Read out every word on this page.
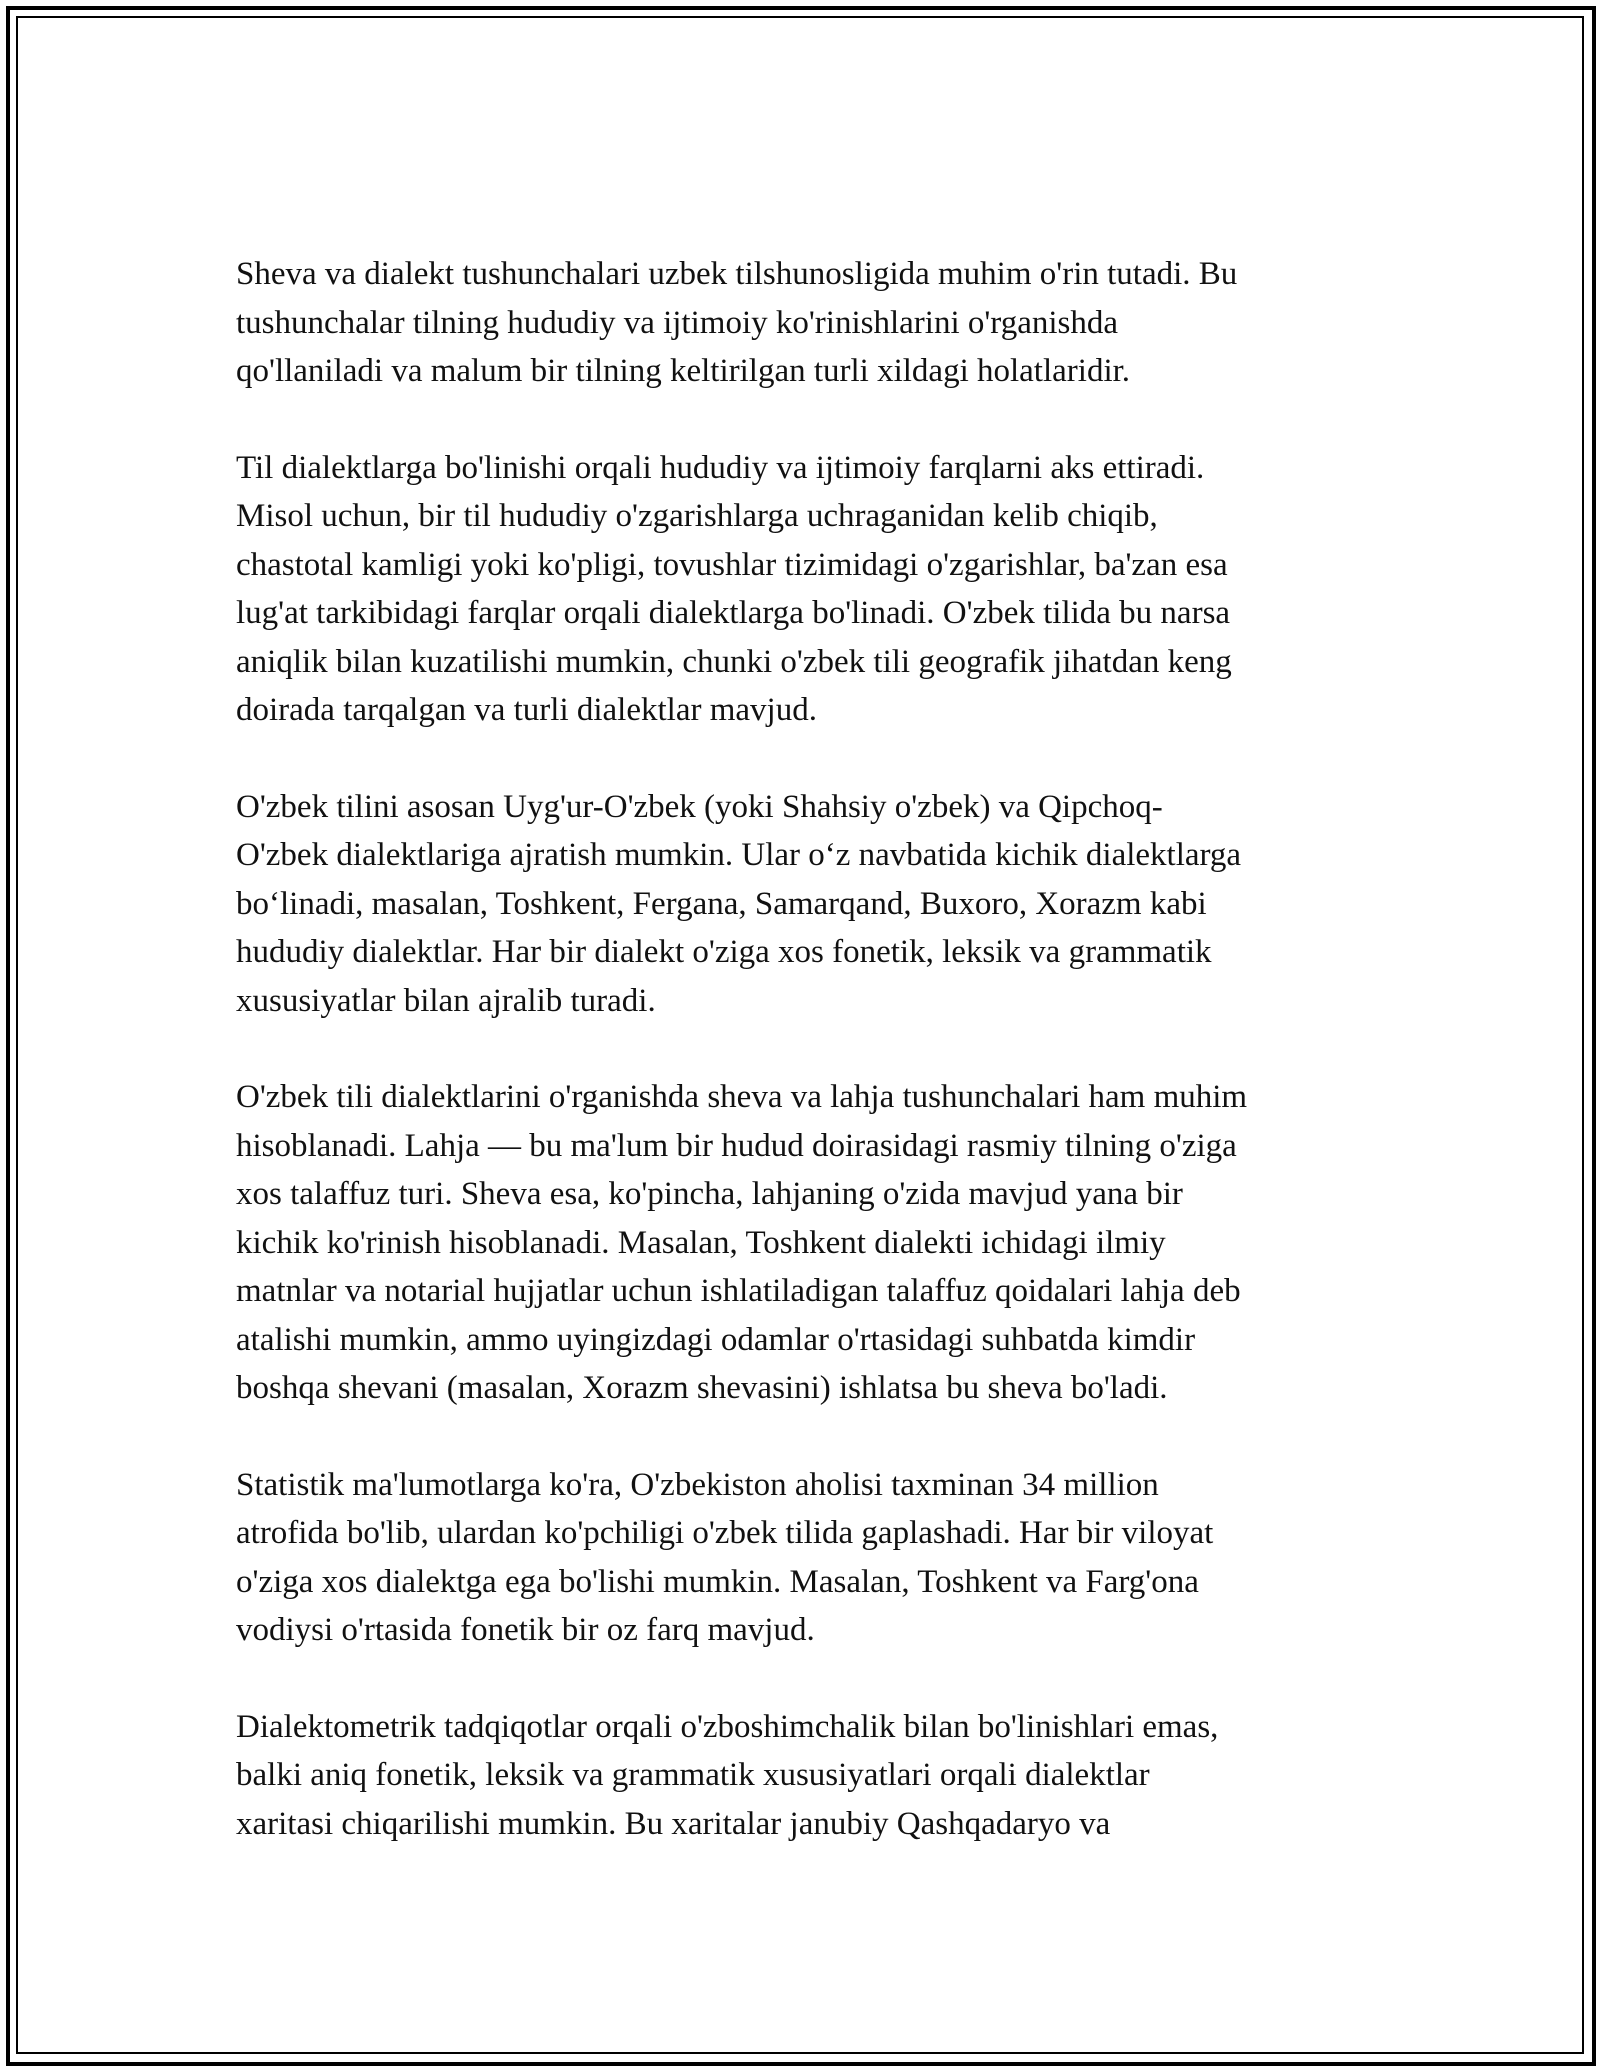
Sheva va dialekt tushunchalari uzbek tilshunosligida muhim o'rin tutadi. Bu
tushunchalar tilning hududiy va ijtimoiy ko'rinishlarini o'rganishda
qo'llaniladi va malum bir tilning keltirilgan turli xildagi holatlaridir.

Til dialektlarga bo'linishi orqali hududiy va ijtimoiy farqlarni aks ettiradi.
Misol uchun, bir til hududiy o'zgarishlarga uchraganidan kelib chiqib,
chastotal kamligi yoki ko'pligi, tovushlar tizimidagi o'zgarishlar, ba'zan esa
lug'at tarkibidagi farqlar orqali dialektlarga bo'linadi. O'zbek tilida bu narsa
aniqlik bilan kuzatilishi mumkin, chunki o'zbek tili geografik jihatdan keng
doirada tarqalgan va turli dialektlar mavjud.

O'zbek tilini asosan Uyg'ur-O'zbek (yoki Shahsiy o'zbek) va Qipchoq-
O'zbek dialektlariga ajratish mumkin. Ular o‘z navbatida kichik dialektlarga
bo‘linadi, masalan, Toshkent, Fergana, Samarqand, Buxoro, Xorazm kabi
hududiy dialektlar. Har bir dialekt o'ziga xos fonetik, leksik va grammatik
xususiyatlar bilan ajralib turadi.

O'zbek tili dialektlarini o'rganishda sheva va lahja tushunchalari ham muhim
hisoblanadi. Lahja — bu ma'lum bir hudud doirasidagi rasmiy tilning o'ziga
xos talaffuz turi. Sheva esa, ko'pincha, lahjaning o'zida mavjud yana bir
kichik ko'rinish hisoblanadi. Masalan, Toshkent dialekti ichidagi ilmiy
matnlar va notarial hujjatlar uchun ishlatiladigan talaffuz qoidalari lahja deb
atalishi mumkin, ammo uyingizdagi odamlar o'rtasidagi suhbatda kimdir
boshqa shevani (masalan, Xorazm shevasini) ishlatsa bu sheva bo'ladi.

Statistik ma'lumotlarga ko'ra, O'zbekiston aholisi taxminan 34 million
atrofida bo'lib, ulardan ko'pchiligi o'zbek tilida gaplashadi. Har bir viloyat
o'ziga xos dialektga ega bo'lishi mumkin. Masalan, Toshkent va Farg'ona
vodiysi o'rtasida fonetik bir oz farq mavjud.

Dialektometrik tadqiqotlar orqali o'zboshimchalik bilan bo'linishlari emas,
balki aniq fonetik, leksik va grammatik xususiyatlari orqali dialektlar
xaritasi chiqarilishi mumkin. Bu xaritalar janubiy Qashqadaryo va
